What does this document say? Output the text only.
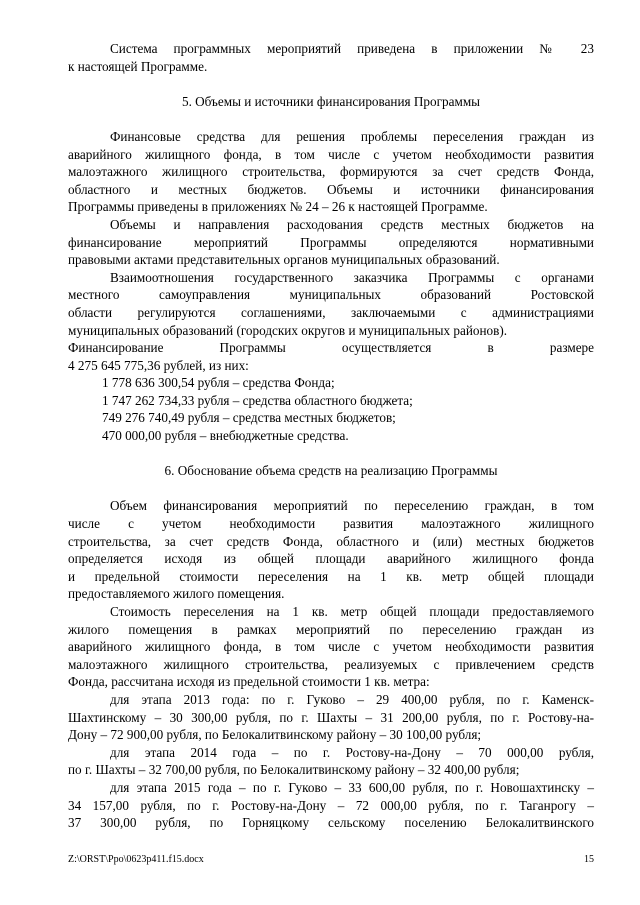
Система программных мероприятий приведена в приложении № 23

к настоящей Программе.

5. Объемы и источники финансирования Программы

Финансовые средства для решения проблемы переселения граждан из

аварийного жилищного фонда, в том числе с учетом необходимости развития

малоэтажного жилищного строительства, формируются за счет средств Фонда,

областного и местных бюджетов. Объемы и источники финансирования

Программы приведены в приложениях № 24 – 26 к настоящей Программе.

Объемы и направления расходования средств местных бюджетов на

финансирование мероприятий Программы определяются нормативными

правовыми актами представительных органов муниципальных образований.

Взаимоотношения государственного заказчика Программы с органами

местного самоуправления муниципальных образований Ростовской

области регулируются соглашениями, заключаемыми с администрациями

муниципальных образований (городских округов и муниципальных районов).

Финансирование Программы осуществляется в размере

4 275 645 775,36 рублей, из них:

1 778 636 300,54 рубля – средства Фонда;

1 747 262 734,33 рубля – средства областного бюджета;

749 276 740,49 рубля – средства местных бюджетов;

470 000,00 рубля – внебюджетные средства.

6. Обоснование объема средств на реализацию Программы

Объем финансирования мероприятий по переселению граждан, в том

числе с учетом необходимости развития малоэтажного жилищного

строительства, за счет средств Фонда, областного и (или) местных бюджетов

определяется исходя из общей площади аварийного жилищного фонда

и предельной стоимости переселения на 1 кв. метр общей площади

предоставляемого жилого помещения.

Стоимость переселения на 1 кв. метр общей площади предоставляемого

жилого помещения в рамках мероприятий по переселению граждан из

аварийного жилищного фонда, в том числе с учетом необходимости развития

малоэтажного жилищного строительства, реализуемых с привлечением средств

Фонда, рассчитана исходя из предельной стоимости 1 кв. метра:

для этапа 2013 года: по г. Гуково – 29 400,00 рубля, по г. Каменск-

Шахтинскому – 30 300,00 рубля, по г. Шахты – 31 200,00 рубля, по г. Ростову-на-

Дону – 72 900,00 рубля, по Белокалитвинскому району – 30 100,00 рубля;

для этапа 2014 года – по г. Ростову-на-Дону – 70 000,00 рубля,

по г. Шахты – 32 700,00 рубля, по Белокалитвинскому району – 32 400,00 рубля;

для этапа 2015 года – по г. Гуково – 33 600,00 рубля, по г. Новошахтинску –

34 157,00 рубля, по г. Ростову-на-Дону – 72 000,00 рубля, по г. Таганрогу –

37 300,00 рубля, по Горняцкому сельскому поселению Белокалитвинского

Z:\ORST\Ppo\0623p411.f15.docx	15
